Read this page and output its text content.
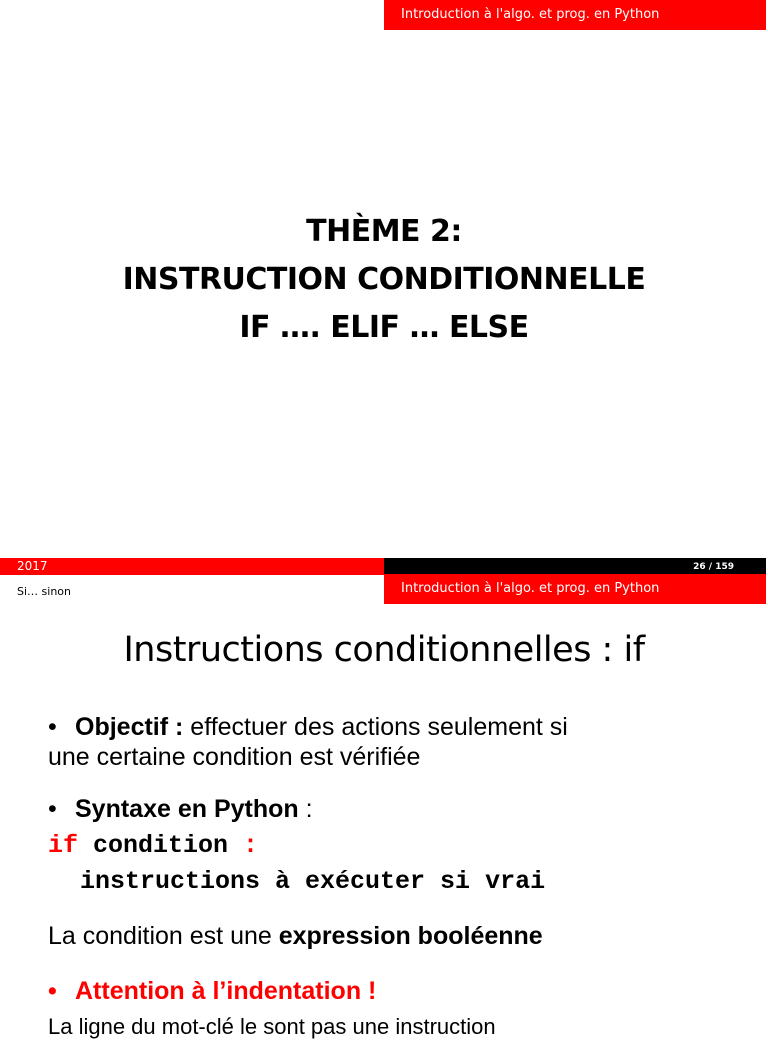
Introduction à l'algo. et prog. en Python
THÈME 2:
INSTRUCTION CONDITIONNELLE
IF …. ELIF … ELSE
2017	26 / 159
Introduction à l'algo. et prog. en Python
Si… sinon
Instructions conditionnelles : if
• Objectif : effectuer des actions seulement si
une certaine condition est vérifiée
• Syntaxe en Python :
if condition :
instructions à exécuter si vrai
La condition est une expression booléenne
• Attention à l’indentation !
La ligne du mot-clé le sont pas une instruction
